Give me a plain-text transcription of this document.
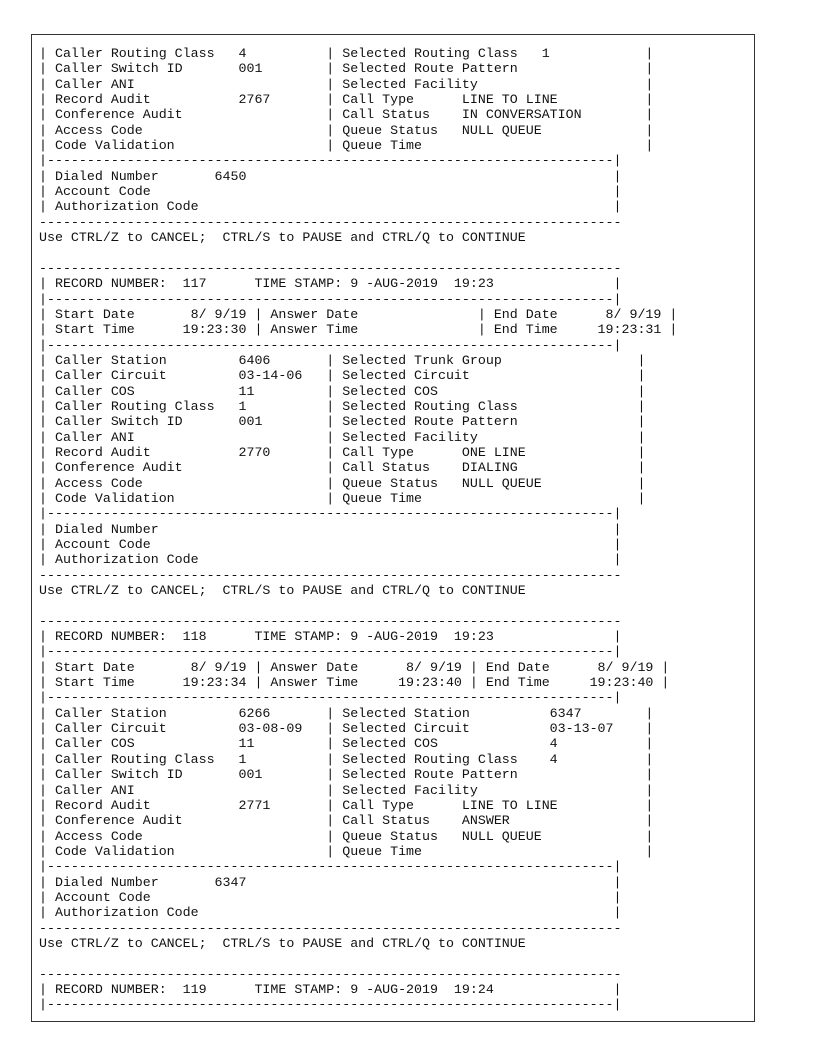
| Caller Routing Class   4          | Selected Routing Class   1            |
| Caller Switch ID       001        | Selected Route Pattern                |
| Caller ANI                        | Selected Facility                     |
| Record Audit           2767       | Call Type      LINE TO LINE           |
| Conference Audit                  | Call Status    IN CONVERSATION        |
| Access Code                       | Queue Status   NULL QUEUE             |
| Code Validation                   | Queue Time                            |
|-----------------------------------------------------------------------|
| Dialed Number       6450                                              |
| Account Code                                                          |
| Authorization Code                                                    |
-------------------------------------------------------------------------
Use CTRL/Z to CANCEL;  CTRL/S to PAUSE and CTRL/Q to CONTINUE

-------------------------------------------------------------------------
| RECORD NUMBER:  117      TIME STAMP: 9 -AUG-2019  19:23               |
|-----------------------------------------------------------------------|
| Start Date       8/ 9/19 | Answer Date               | End Date      8/ 9/19 |
| Start Time      19:23:30 | Answer Time               | End Time     19:23:31 |
|-----------------------------------------------------------------------|
| Caller Station         6406       | Selected Trunk Group                 |
| Caller Circuit         03-14-06   | Selected Circuit                     |
| Caller COS             11         | Selected COS                         |
| Caller Routing Class   1          | Selected Routing Class               |
| Caller Switch ID       001        | Selected Route Pattern               |
| Caller ANI                        | Selected Facility                    |
| Record Audit           2770       | Call Type      ONE LINE              |
| Conference Audit                  | Call Status    DIALING               |
| Access Code                       | Queue Status   NULL QUEUE            |
| Code Validation                   | Queue Time                           |
|-----------------------------------------------------------------------|
| Dialed Number                                                         |
| Account Code                                                          |
| Authorization Code                                                    |
-------------------------------------------------------------------------
Use CTRL/Z to CANCEL;  CTRL/S to PAUSE and CTRL/Q to CONTINUE

-------------------------------------------------------------------------
| RECORD NUMBER:  118      TIME STAMP: 9 -AUG-2019  19:23               |
|-----------------------------------------------------------------------|
| Start Date       8/ 9/19 | Answer Date      8/ 9/19 | End Date      8/ 9/19 |
| Start Time      19:23:34 | Answer Time     19:23:40 | End Time     19:23:40 |
|-----------------------------------------------------------------------|
| Caller Station         6266       | Selected Station          6347        |
| Caller Circuit         03-08-09   | Selected Circuit          03-13-07    |
| Caller COS             11         | Selected COS              4           |
| Caller Routing Class   1          | Selected Routing Class    4           |
| Caller Switch ID       001        | Selected Route Pattern                |
| Caller ANI                        | Selected Facility                     |
| Record Audit           2771       | Call Type      LINE TO LINE           |
| Conference Audit                  | Call Status    ANSWER                 |
| Access Code                       | Queue Status   NULL QUEUE             |
| Code Validation                   | Queue Time                            |
|-----------------------------------------------------------------------|
| Dialed Number       6347                                              |
| Account Code                                                          |
| Authorization Code                                                    |
-------------------------------------------------------------------------
Use CTRL/Z to CANCEL;  CTRL/S to PAUSE and CTRL/Q to CONTINUE

-------------------------------------------------------------------------
| RECORD NUMBER:  119      TIME STAMP: 9 -AUG-2019  19:24               |
|-----------------------------------------------------------------------|
